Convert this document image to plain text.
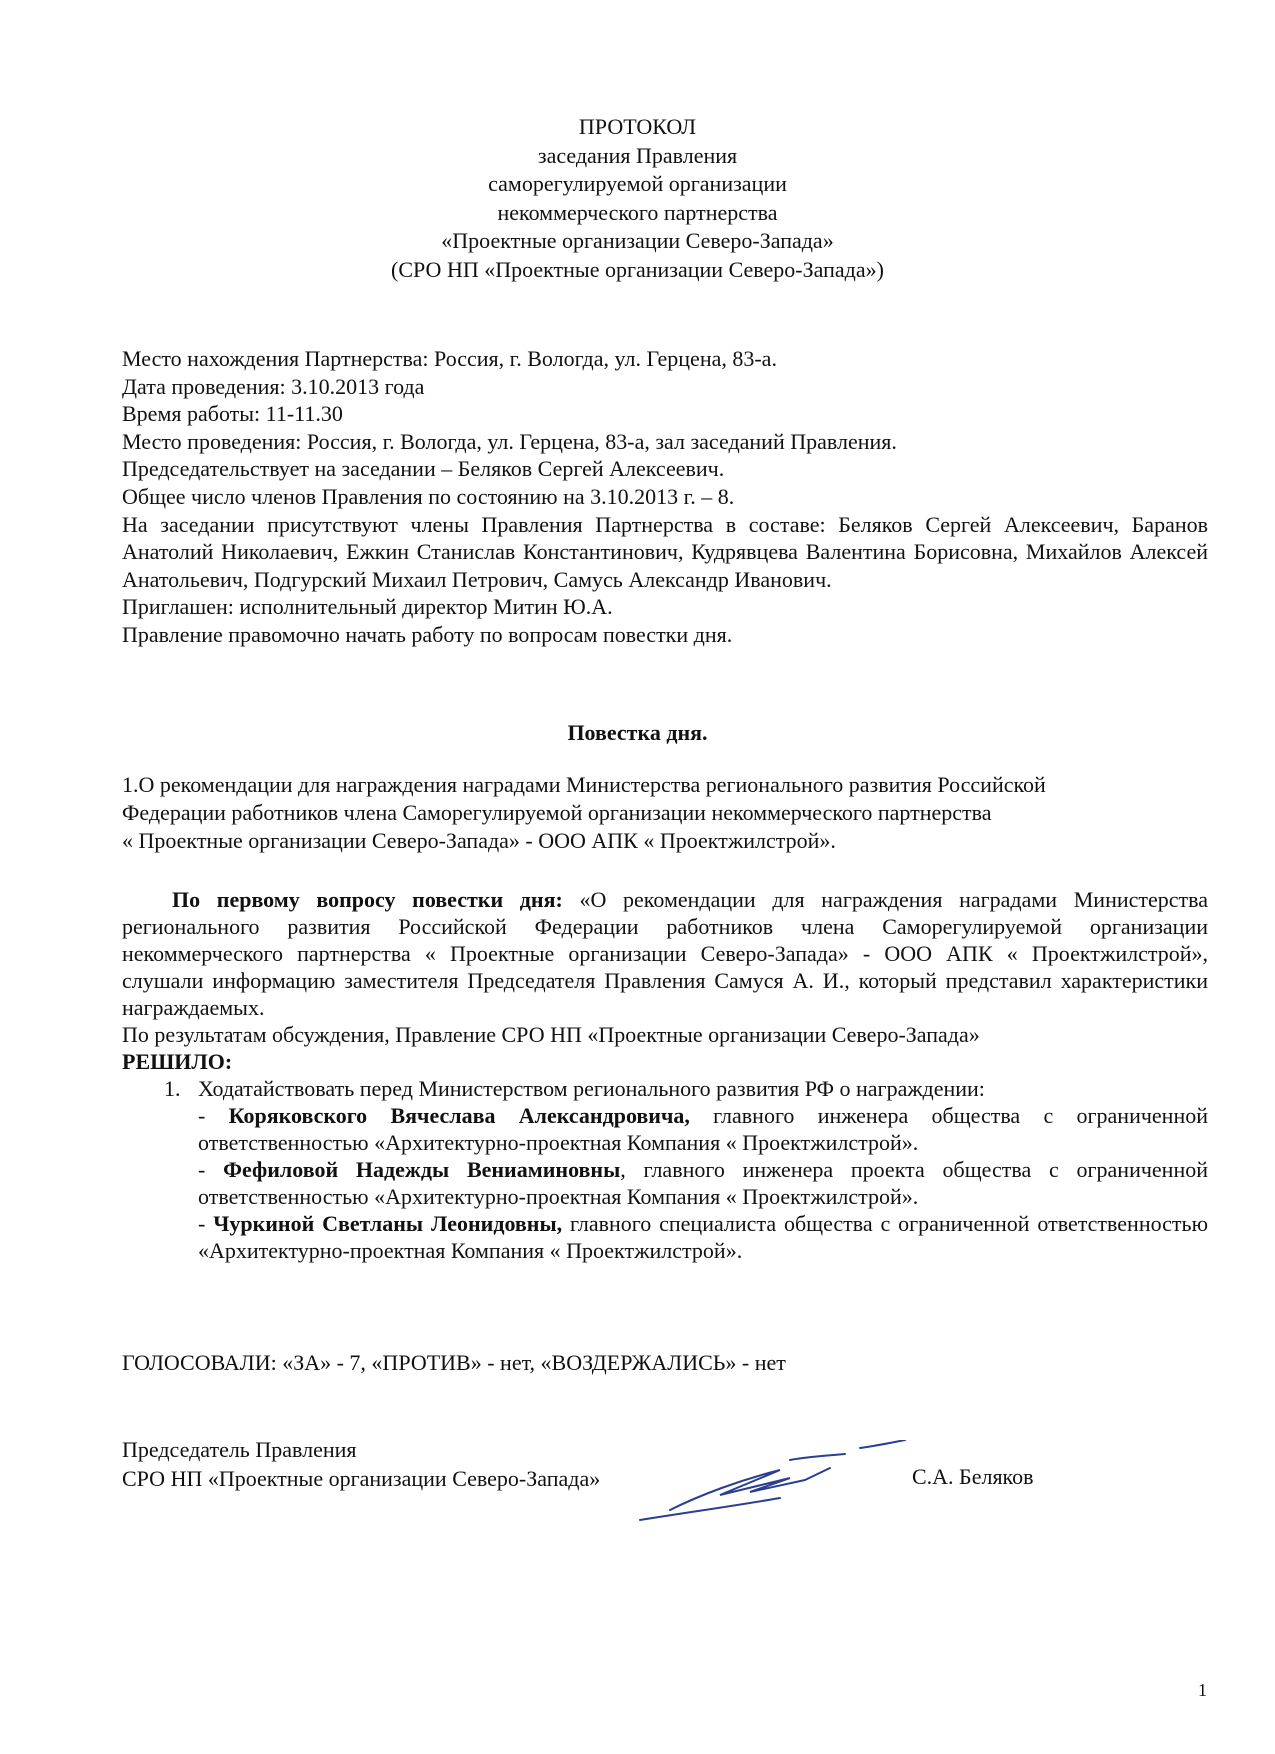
ПРОТОКОЛ
заседания Правления
саморегулируемой организации
некоммерческого партнерства
«Проектные организации Северо-Запада»
(СРО НП «Проектные организации Северо-Запада»)

Место нахождения Партнерства: Россия, г. Вологда, ул. Герцена, 83-а.

Дата проведения: 3.10.2013 года

Время работы: 11-11.30

Место проведения: Россия, г. Вологда, ул. Герцена, 83-а, зал заседаний Правления.

Председательствует на заседании – Беляков Сергей Алексеевич.

Общее число членов Правления по состоянию на 3.10.2013 г. – 8.

На заседании присутствуют члены Правления Партнерства в составе: Беляков Сергей Алексеевич, Баранов Анатолий Николаевич, Ежкин Станислав Константинович, Кудрявцева Валентина Борисовна, Михайлов Алексей Анатольевич, Подгурский Михаил Петрович, Самусь Александр Иванович.

Приглашен: исполнительный директор Митин Ю.А.

Правление правомочно начать работу по вопросам повестки дня.

Повестка дня.

1.О рекомендации для награждения наградами Министерства регионального развития Российской

Федерации работников члена Саморегулируемой организации некоммерческого партнерства

« Проектные организации Северо-Запада» - ООО АПК « Проектжилстрой».

По первому вопросу повестки дня: «О рекомендации для награждения наградами Министерства регионального развития Российской Федерации работников члена Саморегулируемой организации некоммерческого партнерства « Проектные организации Северо-Запада» - ООО АПК « Проектжилстрой», слушали информацию заместителя Председателя Правления Самуся А. И., который представил характеристики награждаемых.

По результатам обсуждения, Правление СРО НП «Проектные организации Северо-Запада»

РЕШИЛО:

1. Ходатайствовать перед Министерством регионального развития РФ о награждении:

- Коряковского Вячеслава Александровича, главного инженера общества с ограниченной ответственностью «Архитектурно-проектная Компания « Проектжилстрой».

- Фефиловой Надежды Вениаминовны, главного инженера проекта общества с ограниченной ответственностью «Архитектурно-проектная Компания « Проектжилстрой».

- Чуркиной Светланы Леонидовны, главного специалиста общества с ограниченной ответственностью «Архитектурно-проектная Компания « Проектжилстрой».

ГОЛОСОВАЛИ: «ЗА» - 7, «ПРОТИВ» - нет, «ВОЗДЕРЖАЛИСЬ» - нет
Председатель Правления
СРО НП «Проектные организации Северо-Запада»	С.А. Беляков
1
